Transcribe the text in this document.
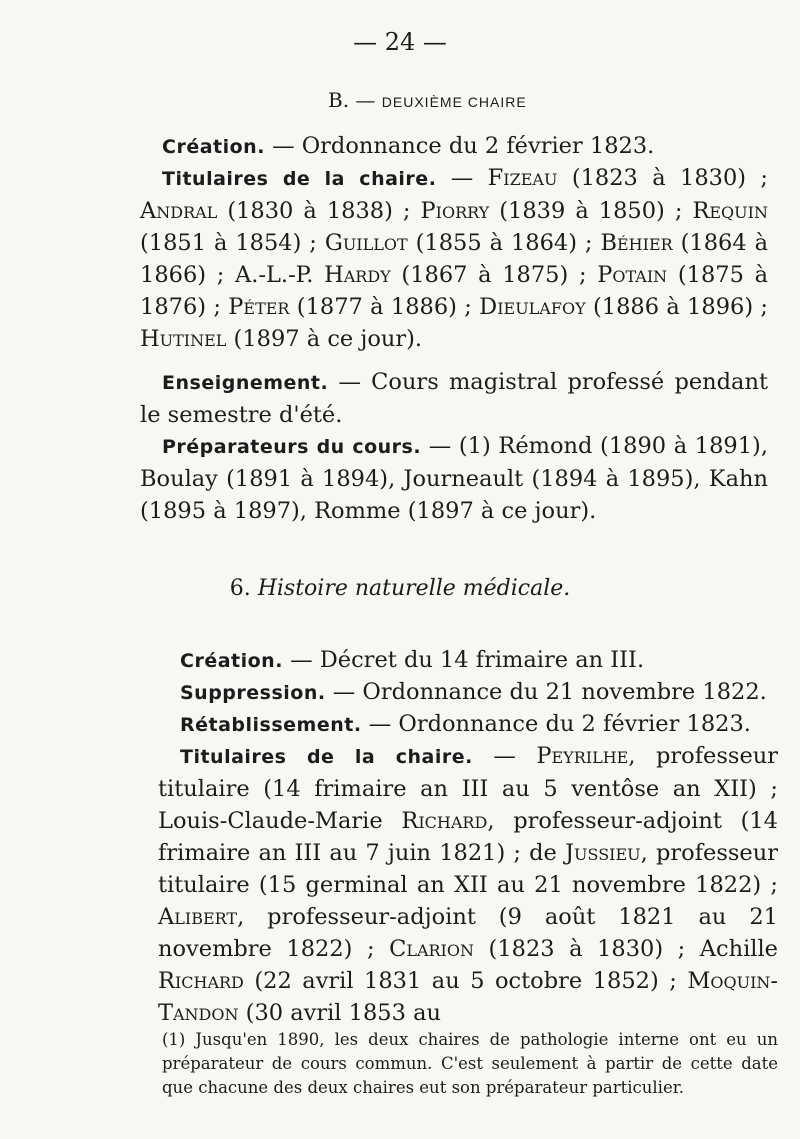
— 24 —
B. — DEUXIÈME CHAIRE
Création. — Ordonnance du 2 février 1823.
Titulaires de la chaire. — Fizeau (1823 à 1830) ; Andral (1830 à 1838) ; Piorry (1839 à 1850) ; Requin (1851 à 1854) ; Guillot (1855 à 1864) ; Béhier (1864 à 1866) ; A.-L.-P. Hardy (1867 à 1875) ; Potain (1875 à 1876) ; Péter (1877 à 1886) ; Dieulafoy (1886 à 1896) ; Hutinel (1897 à ce jour).
Enseignement. — Cours magistral professé pendant le semestre d'été.
Préparateurs du cours. — (1) Rémond (1890 à 1891), Boulay (1891 à 1894), Journeault (1894 à 1895), Kahn (1895 à 1897), Romme (1897 à ce jour).
6. Histoire naturelle médicale.
Création. — Décret du 14 frimaire an III.
Suppression. — Ordonnance du 21 novembre 1822.
Rétablissement. — Ordonnance du 2 février 1823.
Titulaires de la chaire. — Peyrilhe, professeur titulaire (14 frimaire an III au 5 ventôse an XII) ; Louis-Claude-Marie Richard, professeur-adjoint (14 frimaire an III au 7 juin 1821) ; de Jussieu, professeur titulaire (15 germinal an XII au 21 novembre 1822) ; Alibert, professeur-adjoint (9 août 1821 au 21 novembre 1822) ; Clarion (1823 à 1830) ; Achille Richard (22 avril 1831 au 5 octobre 1852) ; Moquin-Tandon (30 avril 1853 au
(1) Jusqu'en 1890, les deux chaires de pathologie interne ont eu un préparateur de cours commun. C'est seulement à partir de cette date que chacune des deux chaires eut son préparateur particulier.
